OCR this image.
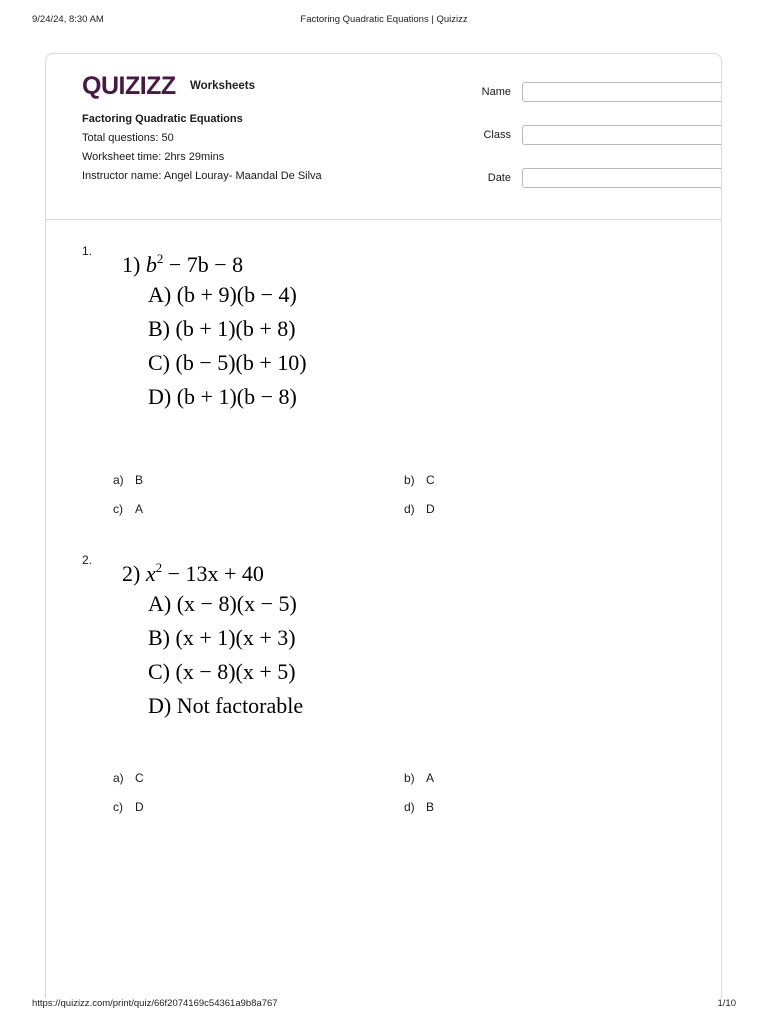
9/24/24, 8:30 AM	Factoring Quadratic Equations | Quizizz
QUIZIZZ Worksheets
Factoring Quadratic Equations
Total questions: 50
Worksheet time: 2hrs 29mins
Instructor name: Angel Louray- Maandal De Silva
Name
Class
Date
1.
1) $b^2 - 7b - 8$
A) (b + 9)(b − 4)
B) (b + 1)(b + 8)
C) (b − 5)(b + 10)
D) (b + 1)(b − 8)
a) B	b) C
c) A	d) D
2.
2) $x^2 - 13x + 40$
A) (x − 8)(x − 5)
B) (x + 1)(x + 3)
C) (x − 8)(x + 5)
D) Not factorable
a) C	b) A
c) D	d) B
https://quizizz.com/print/quiz/66f2074169c54361a9b8a767	1/10
